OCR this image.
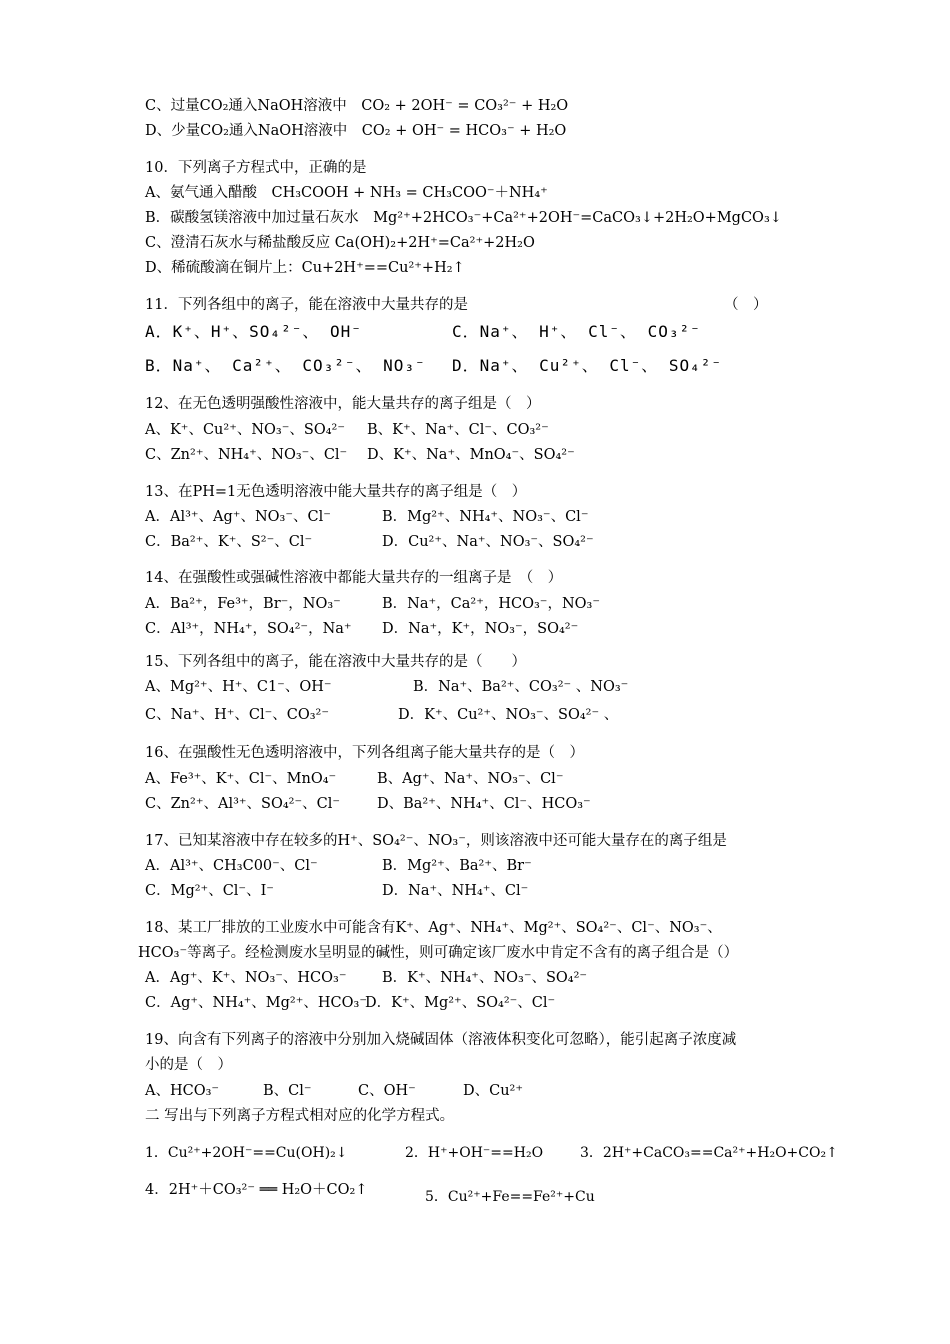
C、过量CO₂通入NaOH溶液中　CO₂ + 2OH⁻ = CO₃²⁻ + H₂O
D、少量CO₂通入NaOH溶液中　CO₂ + OH⁻ = HCO₃⁻ + H₂O
10．下列离子方程式中，正确的是
A、氨气通入醋酸　CH₃COOH + NH₃ = CH₃COO⁻＋NH₄⁺
B．碳酸氢镁溶液中加过量石灰水　Mg²⁺+2HCO₃⁻+Ca²⁺+2OH⁻=CaCO₃↓+2H₂O+MgCO₃↓
C、澄清石灰水与稀盐酸反应 Ca(OH)₂+2H⁺=Ca²⁺+2H₂O
D、稀硫酸滴在铜片上：Cu+2H⁺==Cu²⁺+H₂↑
11．下列各组中的离子，能在溶液中大量共存的是	（　）
A．K⁺、H⁺、SO₄²⁻、 OH⁻	C．Na⁺、 H⁺、 Cl⁻、 CO₃²⁻
B．Na⁺、 Ca²⁺、 CO₃²⁻、 NO₃⁻ D．Na⁺、 Cu²⁺、 Cl⁻、 SO₄²⁻
12、在无色透明强酸性溶液中，能大量共存的离子组是（　）
A、K⁺、Cu²⁺、NO₃⁻、SO₄²⁻ B、K⁺、Na⁺、Cl⁻、CO₃²⁻
C、Zn²⁺、NH₄⁺、NO₃⁻、Cl⁻ D、K⁺、Na⁺、MnO₄⁻、SO₄²⁻
13、在PH=1无色透明溶液中能大量共存的离子组是（　）
A．Al³⁺、Ag⁺、NO₃⁻、Cl⁻	B．Mg²⁺、NH₄⁺、NO₃⁻、Cl⁻
C．Ba²⁺、K⁺、S²⁻、Cl⁻	D．Cu²⁺、Na⁺、NO₃⁻、SO₄²⁻
14、在强酸性或强碱性溶液中都能大量共存的一组离子是　（　）
A．Ba²⁺，Fe³⁺，Br⁻，NO₃⁻	B．Na⁺，Ca²⁺，HCO₃⁻，NO₃⁻
C．Al³⁺，NH₄⁺，SO₄²⁻，Na⁺ D．Na⁺，K⁺，NO₃⁻，SO₄²⁻
15、下列各组中的离子，能在溶液中大量共存的是（　　）
A、Mg²⁺、H⁺、C1⁻、OH⁻	B．Na⁺、Ba²⁺、CO₃²⁻ 、NO₃⁻
C、Na⁺、H⁺、Cl⁻、CO₃²⁻	D．K⁺、Cu²⁺、NO₃⁻、SO₄²⁻ 、
16、在强酸性无色透明溶液中，下列各组离子能大量共存的是（　）
A、Fe³⁺、K⁺、Cl⁻、MnO₄⁻	B、Ag⁺、Na⁺、NO₃⁻、Cl⁻
C、Zn²⁺、Al³⁺、SO₄²⁻、Cl⁻	D、Ba²⁺、NH₄⁺、Cl⁻、HCO₃⁻
17、已知某溶液中存在较多的H⁺、SO₄²⁻、NO₃⁻，则该溶液中还可能大量存在的离子组是
A．Al³⁺、CH₃C00⁻、Cl⁻	B．Mg²⁺、Ba²⁺、Br⁻
C．Mg²⁺、Cl⁻、I⁻	D．Na⁺、NH₄⁺、Cl⁻
18、某工厂排放的工业废水中可能含有K⁺、Ag⁺、NH₄⁺、Mg²⁺、SO₄²⁻、Cl⁻、NO₃⁻、
HCO₃⁻等离子。经检测废水呈明显的碱性，则可确定该厂废水中肯定不含有的离子组合是（）
A．Ag⁺、K⁺、NO₃⁻、HCO₃⁻ B．K⁺、NH₄⁺、NO₃⁻、SO₄²⁻
C．Ag⁺、NH₄⁺、Mg²⁺、HCO₃⁻
D．K⁺、Mg²⁺、SO₄²⁻、Cl⁻
19、向含有下列离子的溶液中分别加入烧碱固体（溶液体积变化可忽略），能引起离子浓度减
小的是（　）
A、HCO₃⁻	B、Cl⁻	C、OH⁻	D、Cu²⁺
二 写出与下列离子方程式相对应的化学方程式。
1．Cu²⁺+2OH⁻==Cu(OH)₂↓	2．H⁺+OH⁻==H₂O	3．2H⁺+CaCO₃==Ca²⁺+H₂O+CO₂↑
4．2H⁺＋CO₃²⁻ ══ H₂O＋CO₂↑	5．Cu²⁺+Fe==Fe²⁺+Cu
